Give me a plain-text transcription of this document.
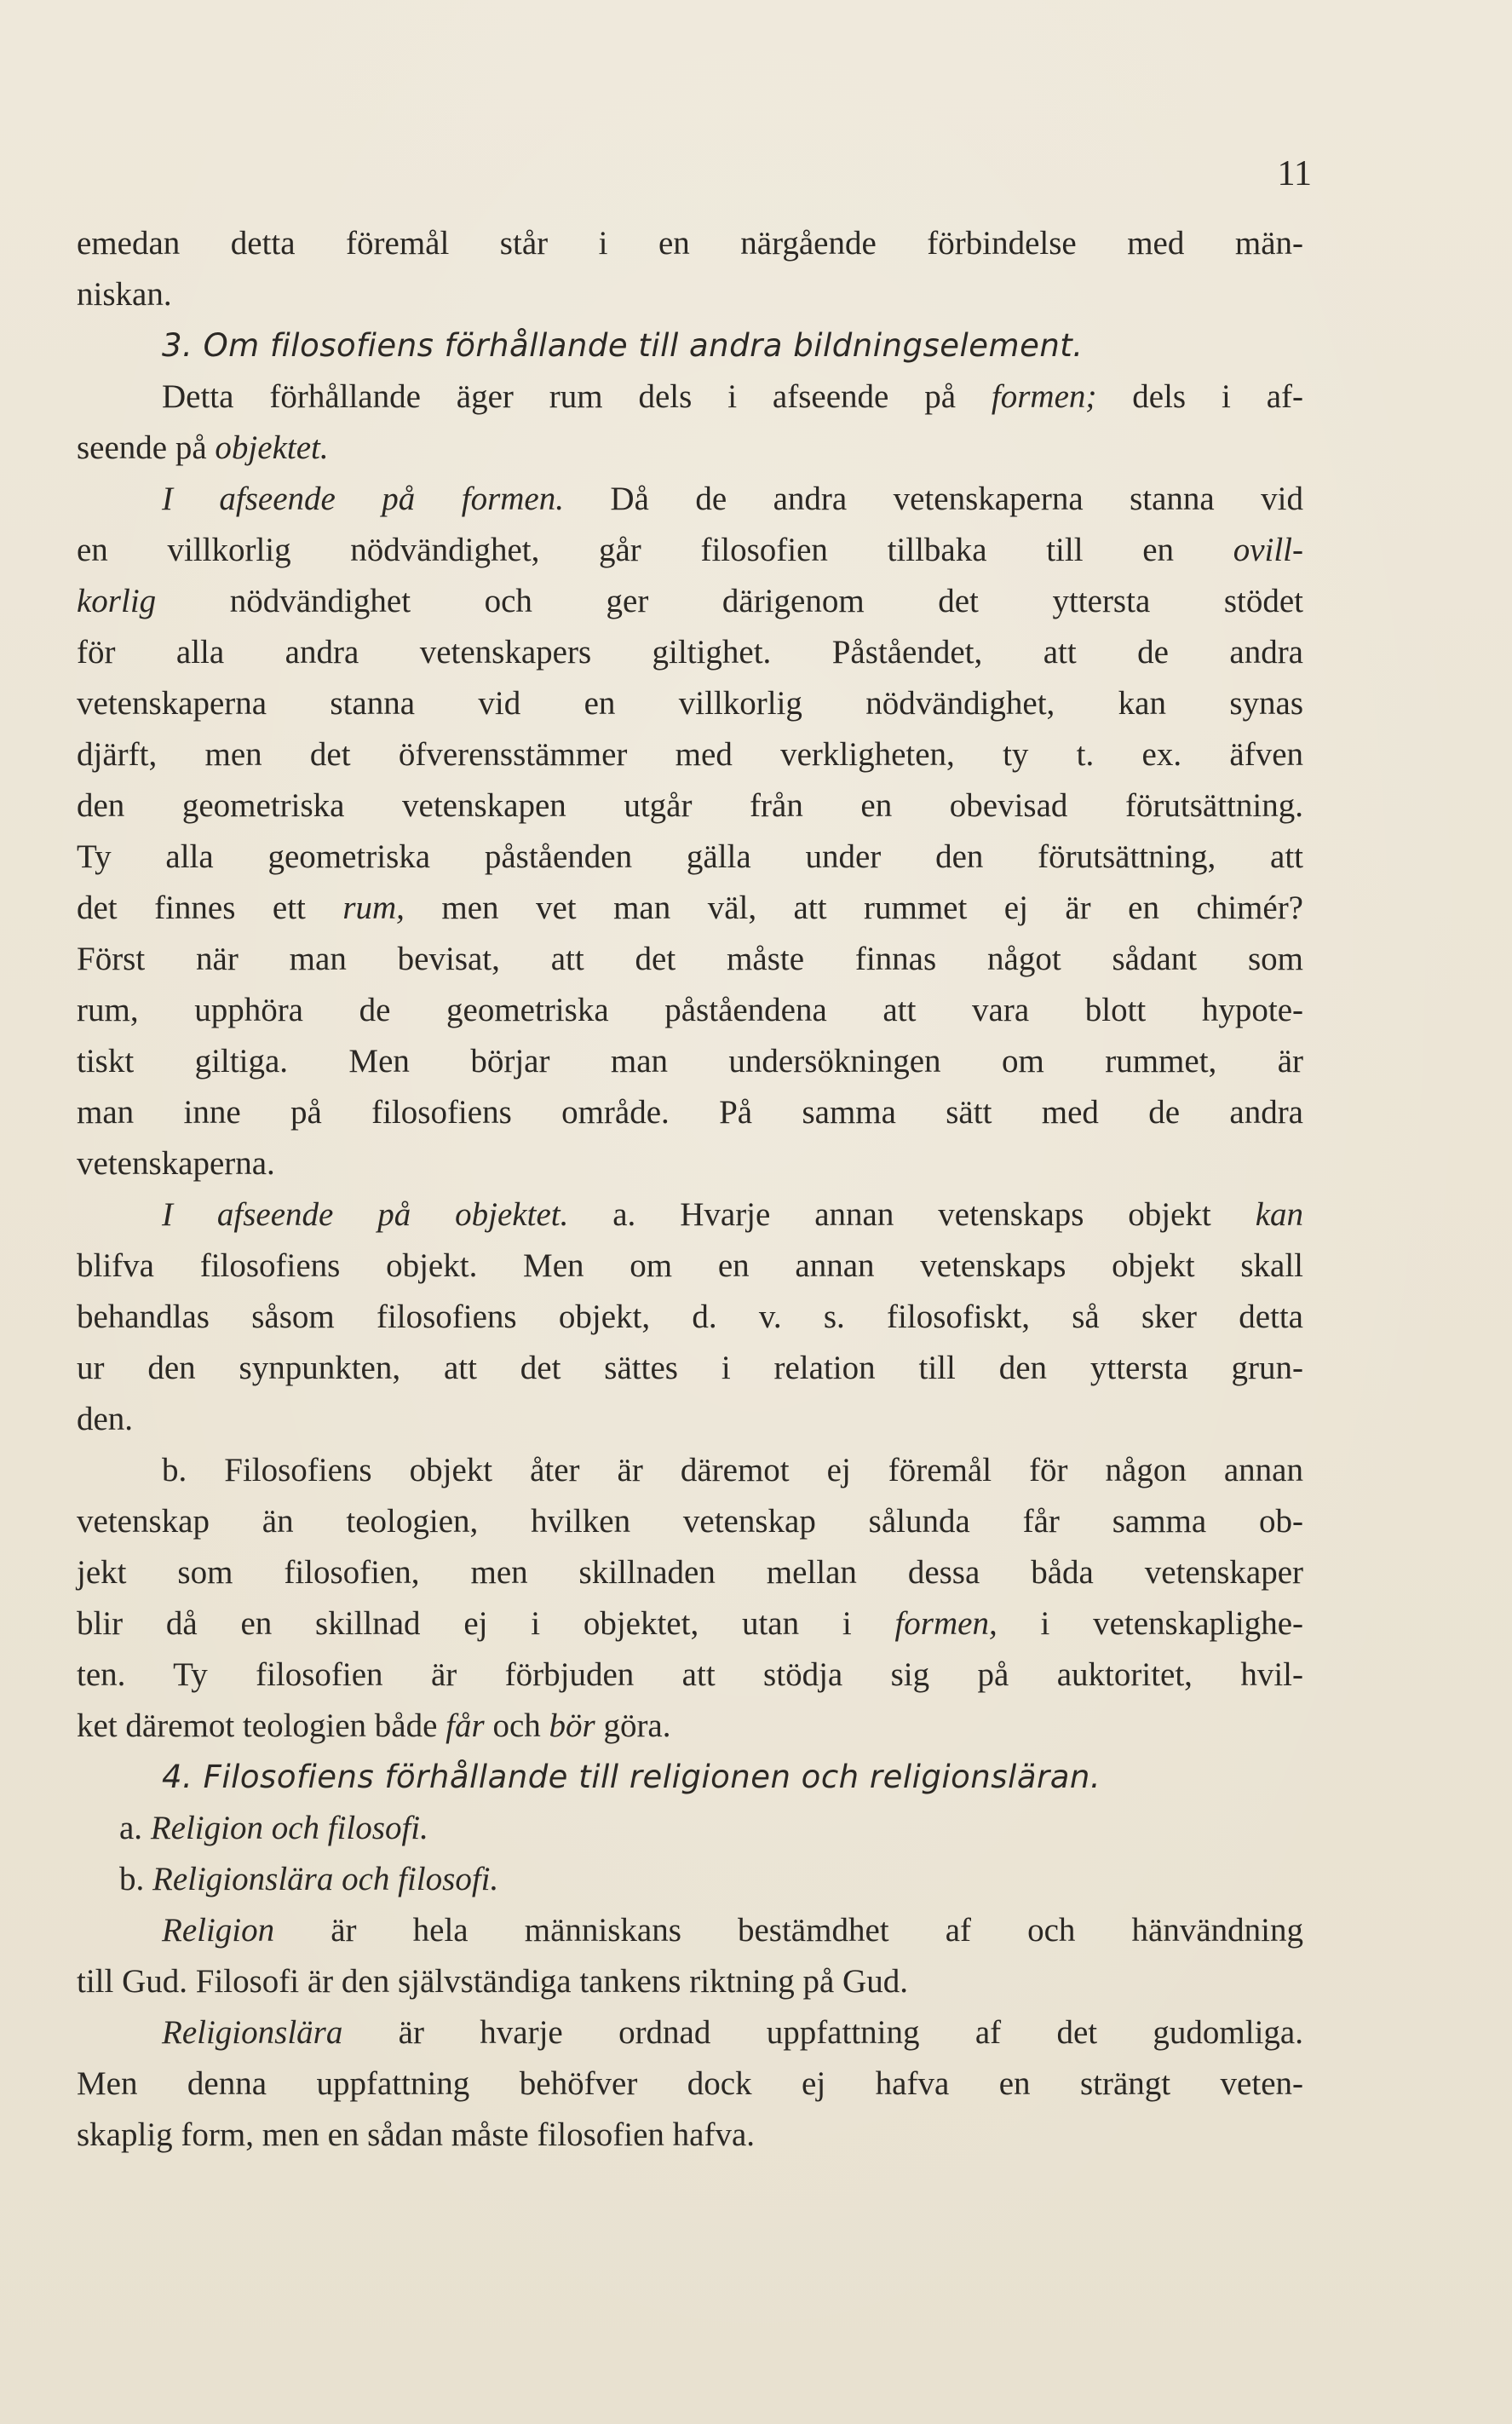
11
emedan detta föremål står i en närgående förbindelse med män-
niskan.
3. Om filosofiens förhållande till andra bildningselement.
Detta förhållande äger rum dels i afseende på formen; dels i af-
seende på objektet.
I afseende på formen. Då de andra vetenskaperna stanna vid
en villkorlig nödvändighet, går filosofien tillbaka till en ovill-
korlig nödvändighet och ger därigenom det yttersta stödet
för alla andra vetenskapers giltighet. Påståendet, att de andra
vetenskaperna stanna vid en villkorlig nödvändighet, kan synas
djärft, men det öfverensstämmer med verkligheten, ty t. ex. äfven
den geometriska vetenskapen utgår från en obevisad förutsättning.
Ty alla geometriska påståenden gälla under den förutsättning, att
det finnes ett rum, men vet man väl, att rummet ej är en chimér?
Först när man bevisat, att det måste finnas något sådant som
rum, upphöra de geometriska påståendena att vara blott hypote-
tiskt giltiga. Men börjar man undersökningen om rummet, är
man inne på filosofiens område. På samma sätt med de andra
vetenskaperna.
I afseende på objektet. a. Hvarje annan vetenskaps objekt kan
blifva filosofiens objekt. Men om en annan vetenskaps objekt skall
behandlas såsom filosofiens objekt, d. v. s. filosofiskt, så sker detta
ur den synpunkten, att det sättes i relation till den yttersta grun-
den.
b. Filosofiens objekt åter är däremot ej föremål för någon annan
vetenskap än teologien, hvilken vetenskap sålunda får samma ob-
jekt som filosofien, men skillnaden mellan dessa båda vetenskaper
blir då en skillnad ej i objektet, utan i formen, i vetenskaplighe-
ten. Ty filosofien är förbjuden att stödja sig på auktoritet, hvil-
ket däremot teologien både får och bör göra.
4. Filosofiens förhållande till religionen och religionsläran.
a. Religion och filosofi.
b. Religionslära och filosofi.
Religion är hela människans bestämdhet af och hänvändning
till Gud. Filosofi är den självständiga tankens riktning på Gud.
Religionslära är hvarje ordnad uppfattning af det gudomliga.
Men denna uppfattning behöfver dock ej hafva en strängt veten-
skaplig form, men en sådan måste filosofien hafva.
